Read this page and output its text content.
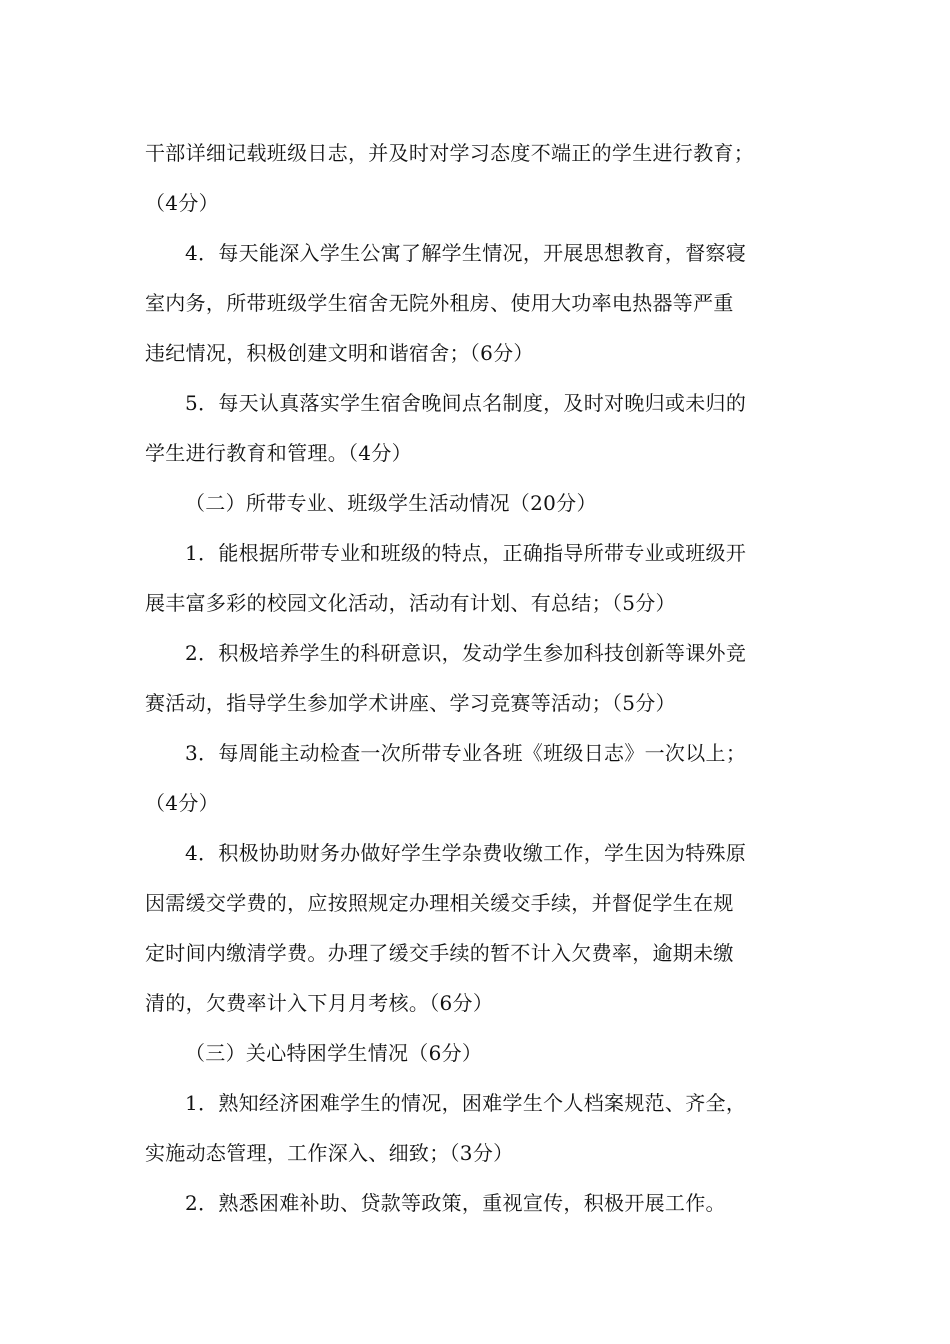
干部详细记载班级日志，并及时对学习态度不端正的学生进行教育；
（4分）
4．每天能深入学生公寓了解学生情况，开展思想教育，督察寝
室内务，所带班级学生宿舍无院外租房、使用大功率电热器等严重
违纪情况，积极创建文明和谐宿舍；（6分）
5．每天认真落实学生宿舍晚间点名制度，及时对晚归或未归的
学生进行教育和管理。（4分）
（二）所带专业、班级学生活动情况（20分）
1．能根据所带专业和班级的特点，正确指导所带专业或班级开
展丰富多彩的校园文化活动，活动有计划、有总结；（5分）
2．积极培养学生的科研意识，发动学生参加科技创新等课外竞
赛活动，指导学生参加学术讲座、学习竞赛等活动；（5分）
3．每周能主动检查一次所带专业各班《班级日志》一次以上；
（4分）
4．积极协助财务办做好学生学杂费收缴工作，学生因为特殊原
因需缓交学费的，应按照规定办理相关缓交手续，并督促学生在规
定时间内缴清学费。办理了缓交手续的暂不计入欠费率，逾期未缴
清的，欠费率计入下月月考核。（6分）
（三）关心特困学生情况（6分）
1．熟知经济困难学生的情况，困难学生个人档案规范、齐全，
实施动态管理，工作深入、细致；（3分）
2．熟悉困难补助、贷款等政策，重视宣传，积极开展工作。
